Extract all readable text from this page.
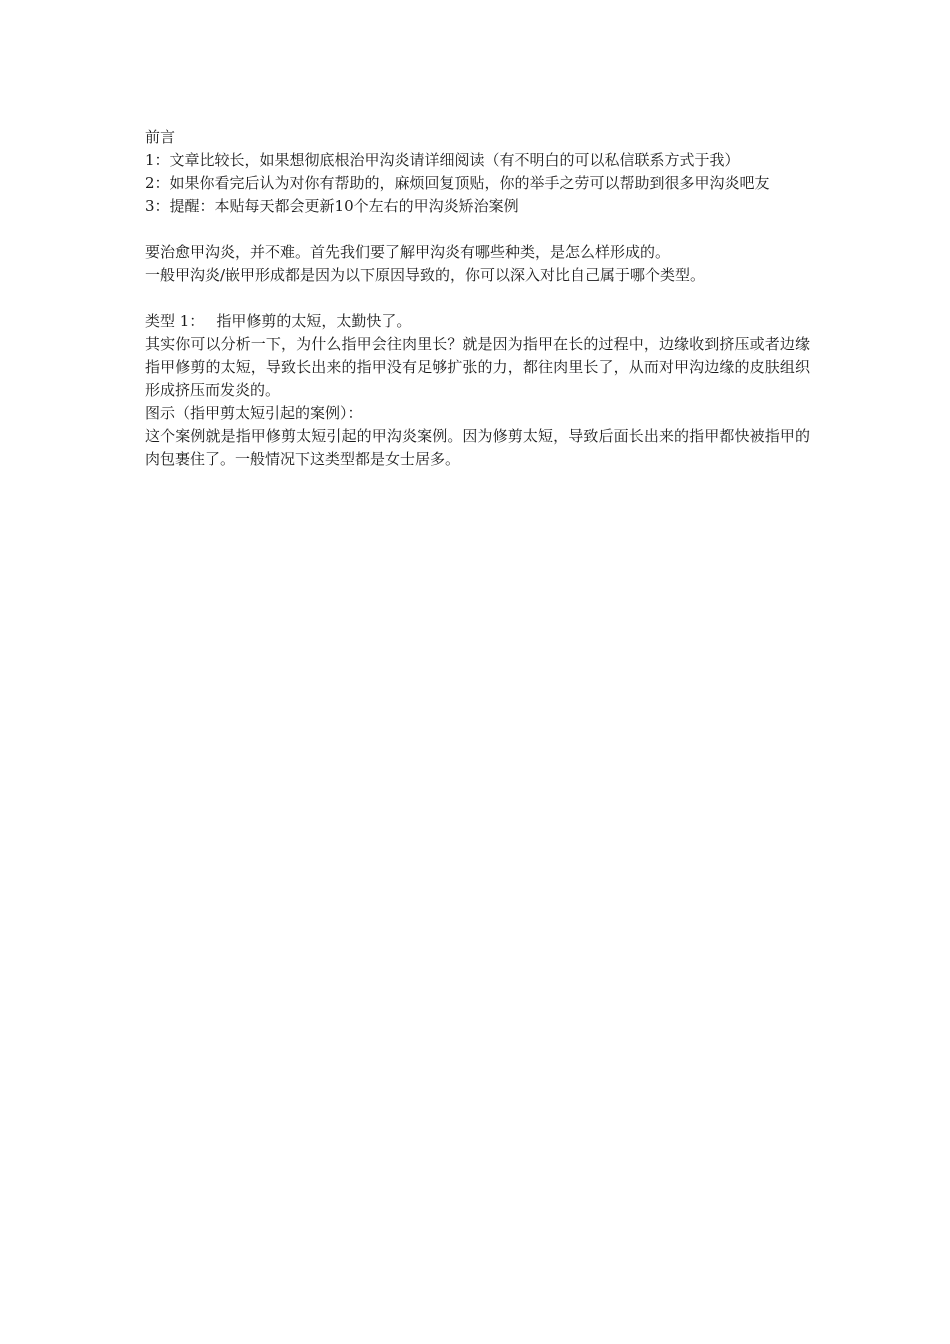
前言

1：文章比较长，如果想彻底根治甲沟炎请详细阅读（有不明白的可以私信联系方式于我）

2：如果你看完后认为对你有帮助的，麻烦回复顶贴，你的举手之劳可以帮助到很多甲沟炎吧友

3：提醒：本贴每天都会更新10个左右的甲沟炎矫治案例

要治愈甲沟炎，并不难。首先我们要了解甲沟炎有哪些种类，是怎么样形成的。

一般甲沟炎/嵌甲形成都是因为以下原因导致的，你可以深入对比自己属于哪个类型。

类型 1： 指甲修剪的太短，太勤快了。

其实你可以分析一下，为什么指甲会往肉里长？就是因为指甲在长的过程中，边缘收到挤压或者边缘指甲修剪的太短，导致长出来的指甲没有足够扩张的力，都往肉里长了，从而对甲沟边缘的皮肤组织形成挤压而发炎的。

图示（指甲剪太短引起的案例）：

这个案例就是指甲修剪太短引起的甲沟炎案例。因为修剪太短，导致后面长出来的指甲都快被指甲的肉包裹住了。一般情况下这类型都是女士居多。
